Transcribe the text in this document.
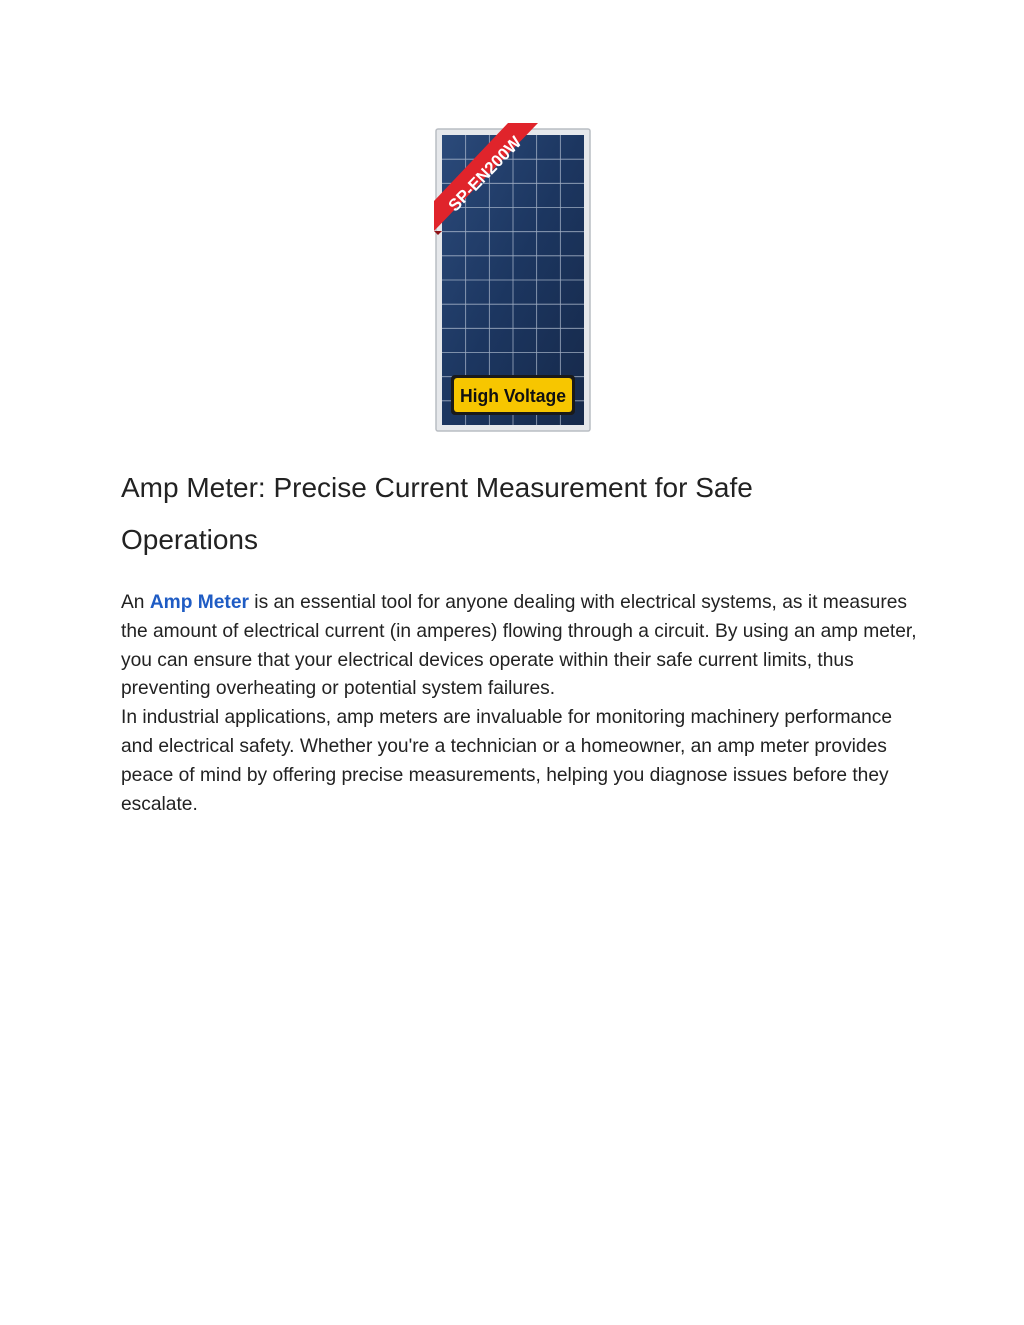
SP-EN200W
High Voltage
Amp Meter: Precise Current Measurement for Safe Operations

An Amp Meter is an essential tool for anyone dealing with electrical systems, as it measures the amount of electrical current (in amperes) flowing through a circuit. By using an amp meter, you can ensure that your electrical devices operate within their safe current limits, thus preventing overheating or potential system failures.

In industrial applications, amp meters are invaluable for monitoring machinery performance and electrical safety. Whether you're a technician or a homeowner, an amp meter provides peace of mind by offering precise measurements, helping you diagnose issues before they escalate.
